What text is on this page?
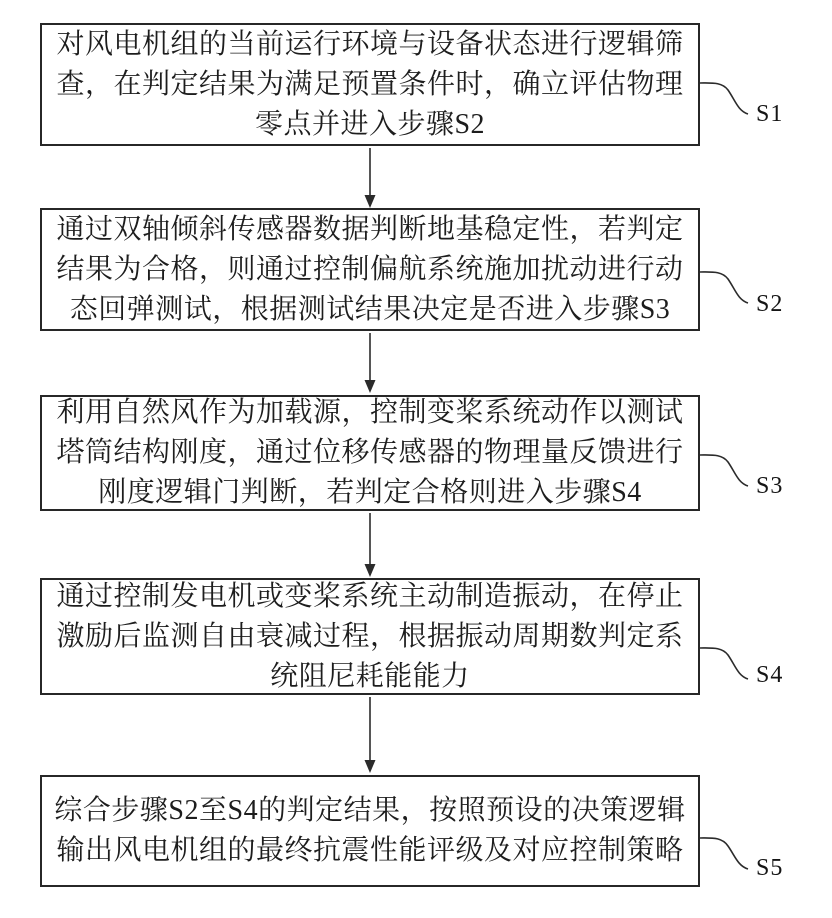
对风电机组的当前运行环境与设备状态进行逻辑筛
查，在判定结果为满足预置条件时，确立评估物理
零点并进入步骤S2	S1
通过双轴倾斜传感器数据判断地基稳定性，若判定
结果为合格，则通过控制偏航系统施加扰动进行动
态回弹测试，根据测试结果决定是否进入步骤S3	S2
利用自然风作为加载源，控制变桨系统动作以测试
塔筒结构刚度，通过位移传感器的物理量反馈进行
刚度逻辑门判断，若判定合格则进入步骤S4	S3
通过控制发电机或变桨系统主动制造振动，在停止
激励后监测自由衰减过程，根据振动周期数判定系
统阻尼耗能能力	S4
综合步骤S2至S4的判定结果，按照预设的决策逻辑
输出风电机组的最终抗震性能评级及对应控制策略
S5
